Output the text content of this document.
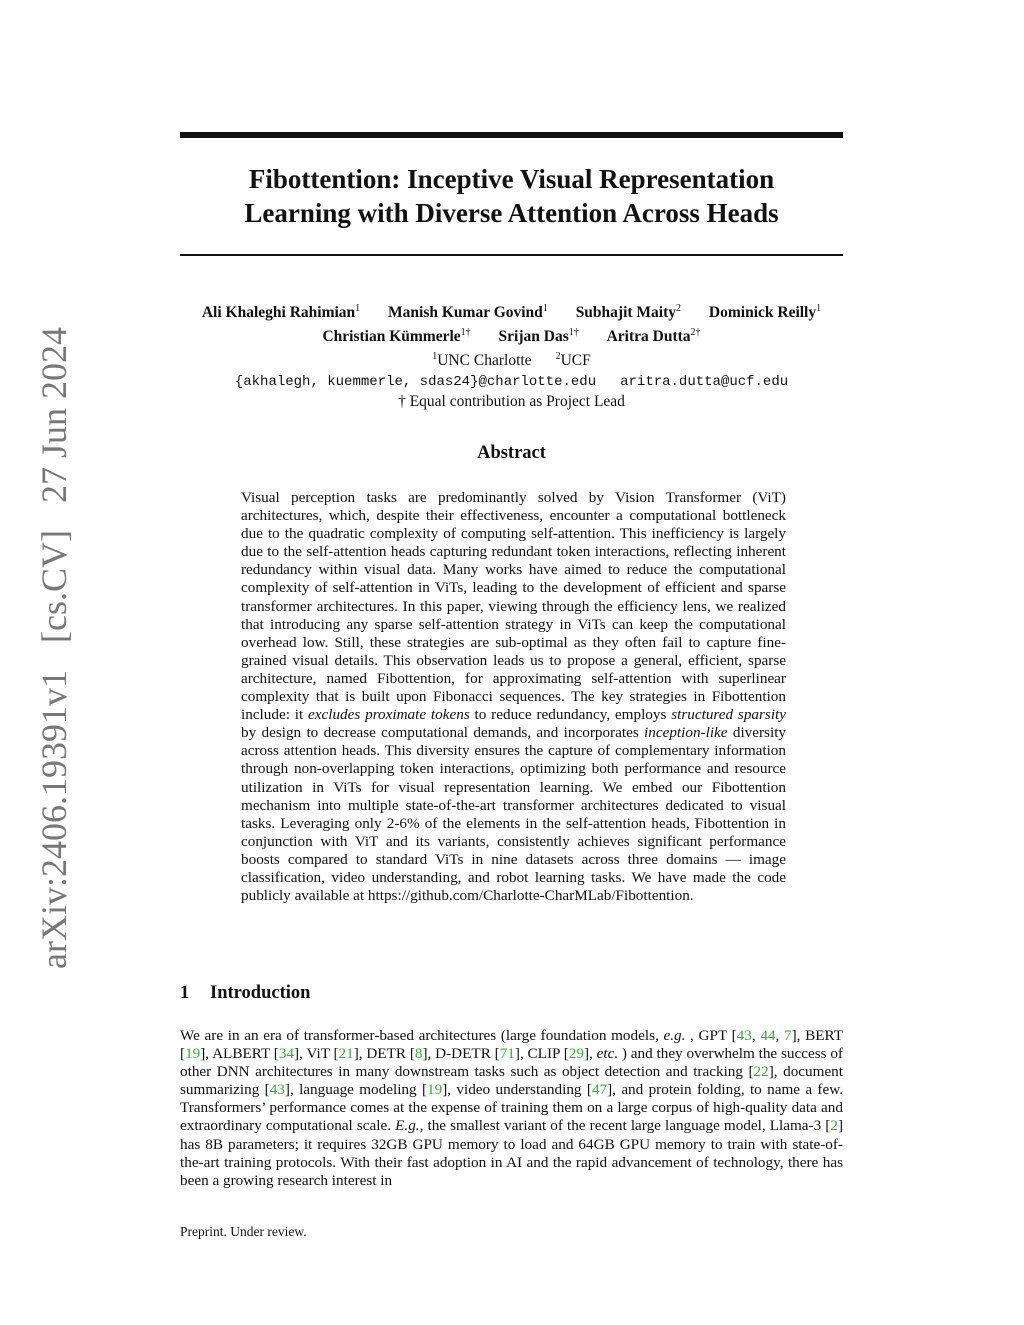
arXiv:2406.19391v1 [cs.CV] 27 Jun 2024
Fibottention: Inceptive Visual Representation
Learning with Diverse Attention Across Heads
Ali Khaleghi Rahimian$^1$ Manish Kumar Govind$^1$ Subhajit Maity$^2$ Dominick Reilly$^1$
Christian Kümmerle$^{1\dagger}$ Srijan Das$^{1\dagger}$ Aritra Dutta$^{2\dagger}$
$^1$UNC Charlotte $^2$UCF
{akhalegh, kuemmerle, sdas24}@charlotte.edu aritra.dutta@ucf.edu
† Equal contribution as Project Lead
Abstract
Visual perception tasks are predominantly solved by Vision Transformer (ViT) architectures, which, despite their effectiveness, encounter a computational bottleneck due to the quadratic complexity of computing self-attention. This inefficiency is largely due to the self-attention heads capturing redundant token interactions, reflecting inherent redundancy within visual data. Many works have aimed to reduce the computational complexity of self-attention in ViTs, leading to the development of efficient and sparse transformer architectures. In this paper, viewing through the efficiency lens, we realized that introducing any sparse self-attention strategy in ViTs can keep the computational overhead low. Still, these strategies are sub-optimal as they often fail to capture fine-grained visual details. This observation leads us to propose a general, efficient, sparse architecture, named Fibottention, for approximating self-attention with superlinear complexity that is built upon Fibonacci sequences. The key strategies in Fibottention include: it excludes proximate tokens to reduce redundancy, employs structured sparsity by design to decrease computational demands, and incorporates inception-like diversity across attention heads. This diversity ensures the capture of complementary information through non-overlapping token interactions, optimizing both performance and resource utilization in ViTs for visual representation learning. We embed our Fibottention mechanism into multiple state-of-the-art transformer architectures dedicated to visual tasks. Leveraging only 2-6% of the elements in the self-attention heads, Fibottention in conjunction with ViT and its variants, consistently achieves significant performance boosts compared to standard ViTs in nine datasets across three domains — image classification, video understanding, and robot learning tasks. We have made the code publicly available at https://github.com/Charlotte-CharMLab/Fibottention.
1 Introduction
We are in an era of transformer-based architectures (large foundation models, e.g. , GPT [43, 44, 7], BERT [19], ALBERT [34], ViT [21], DETR [8], D-DETR [71], CLIP [29], etc. ) and they overwhelm the success of other DNN architectures in many downstream tasks such as object detection and tracking [22], document summarizing [43], language modeling [19], video understanding [47], and protein folding, to name a few. Transformers’ performance comes at the expense of training them on a large corpus of high-quality data and extraordinary computational scale. E.g., the smallest variant of the recent large language model, Llama-3 [2] has 8B parameters; it requires 32GB GPU memory to load and 64GB GPU memory to train with state-of-the-art training protocols. With their fast adoption in AI and the rapid advancement of technology, there has been a growing research interest in
Preprint. Under review.
